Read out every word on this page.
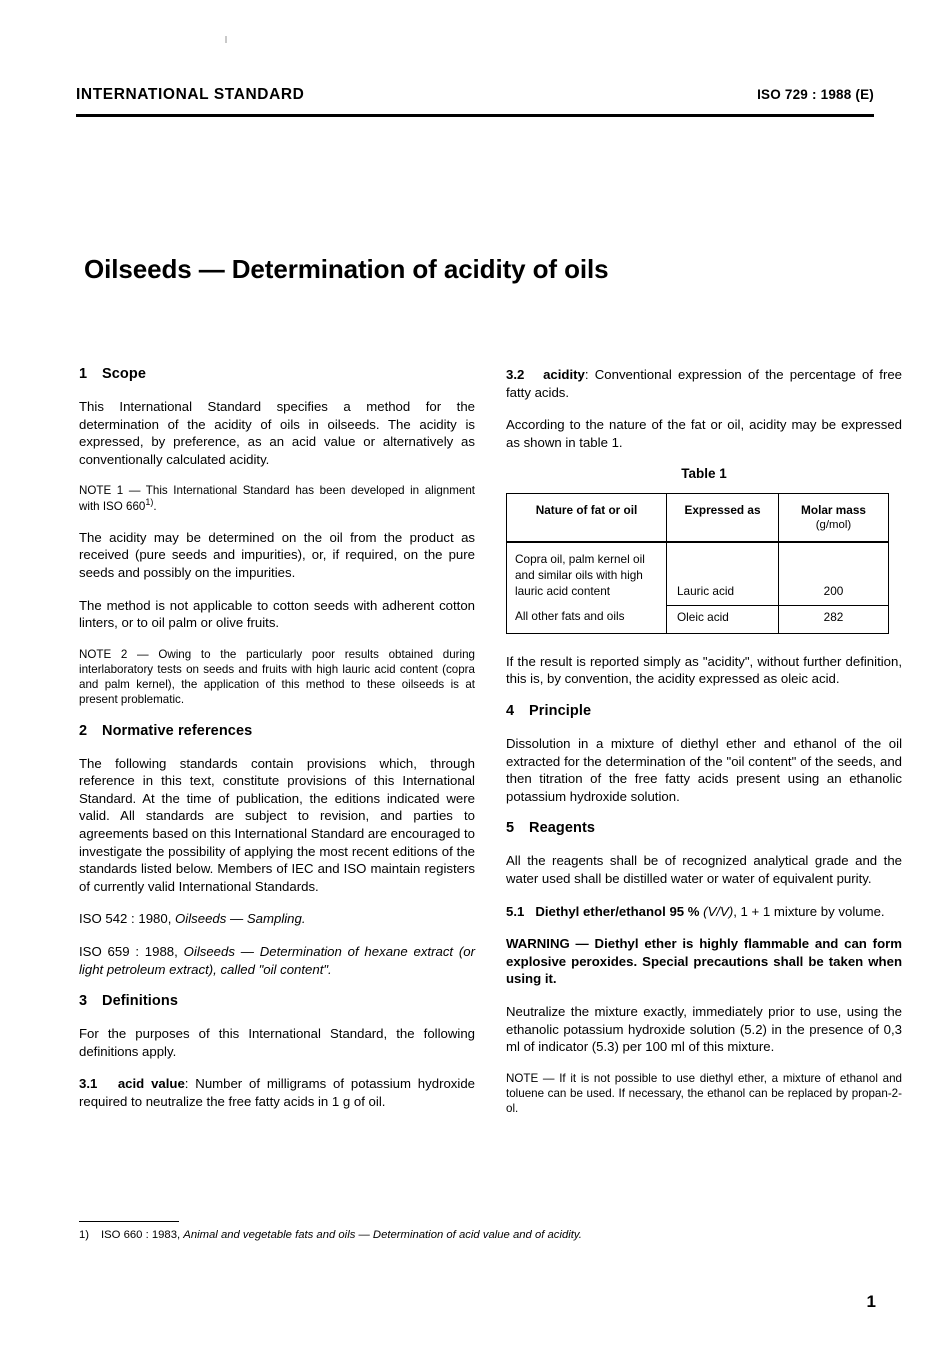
INTERNATIONAL STANDARD	ISO 729 : 1988 (E)
Oilseeds — Determination of acidity of oils
1 Scope

This International Standard specifies a method for the determination of the acidity of oils in oilseeds. The acidity is expressed, by preference, as an acid value or alternatively as conventionally calculated acidity.

NOTE 1 — This International Standard has been developed in alignment with ISO 660$^{1)}$.

The acidity may be determined on the oil from the product as received (pure seeds and impurities), or, if required, on the pure seeds and possibly on the impurities.

The method is not applicable to cotton seeds with adherent cotton linters, or to oil palm or olive fruits.

NOTE 2 — Owing to the particularly poor results obtained during interlaboratory tests on seeds and fruits with high lauric acid content (copra and palm kernel), the application of this method to these oilseeds is at present problematic.

2 Normative references

The following standards contain provisions which, through reference in this text, constitute provisions of this International Standard. At the time of publication, the editions indicated were valid. All standards are subject to revision, and parties to agreements based on this International Standard are encouraged to investigate the possibility of applying the most recent editions of the standards listed below. Members of IEC and ISO maintain registers of currently valid International Standards.

ISO 542 : 1980, Oilseeds — Sampling.

ISO 659 : 1988, Oilseeds — Determination of hexane extract (or light petroleum extract), called "oil content".

3 Definitions

For the purposes of this International Standard, the following definitions apply.

3.1 acid value: Number of milligrams of potassium hydroxide required to neutralize the free fatty acids in 1 g of oil.

3.2 acidity: Conventional expression of the percentage of free fatty acids.

According to the nature of the fat or oil, acidity may be expressed as shown in table 1.

Table 1
Nature of fat or oil	Expressed as	Molar mass
(g/mol)

Copra oil, palm kernel oil and similar oils with high lauric acid content	Lauric acid	200
All other fats and oils	Oleic acid	282

If the result is reported simply as "acidity", without further definition, this is, by convention, the acidity expressed as oleic acid.

4 Principle

Dissolution in a mixture of diethyl ether and ethanol of the oil extracted for the determination of the "oil content" of the seeds, and then titration of the free fatty acids present using an ethanolic potassium hydroxide solution.

5 Reagents

All the reagents shall be of recognized analytical grade and the water used shall be distilled water or water of equivalent purity.

5.1 Diethyl ether/ethanol 95 % (V/V), 1 + 1 mixture by volume.

WARNING — Diethyl ether is highly flammable and can form explosive peroxides. Special precautions shall be taken when using it.

Neutralize the mixture exactly, immediately prior to use, using the ethanolic potassium hydroxide solution (5.2) in the presence of 0,3 ml of indicator (5.3) per 100 ml of this mixture.

NOTE — If it is not possible to use diethyl ether, a mixture of ethanol and toluene can be used. If necessary, the ethanol can be replaced by propan-2-ol.

1) ISO 660 : 1983, Animal and vegetable fats and oils — Determination of acid value and of acidity.
1
